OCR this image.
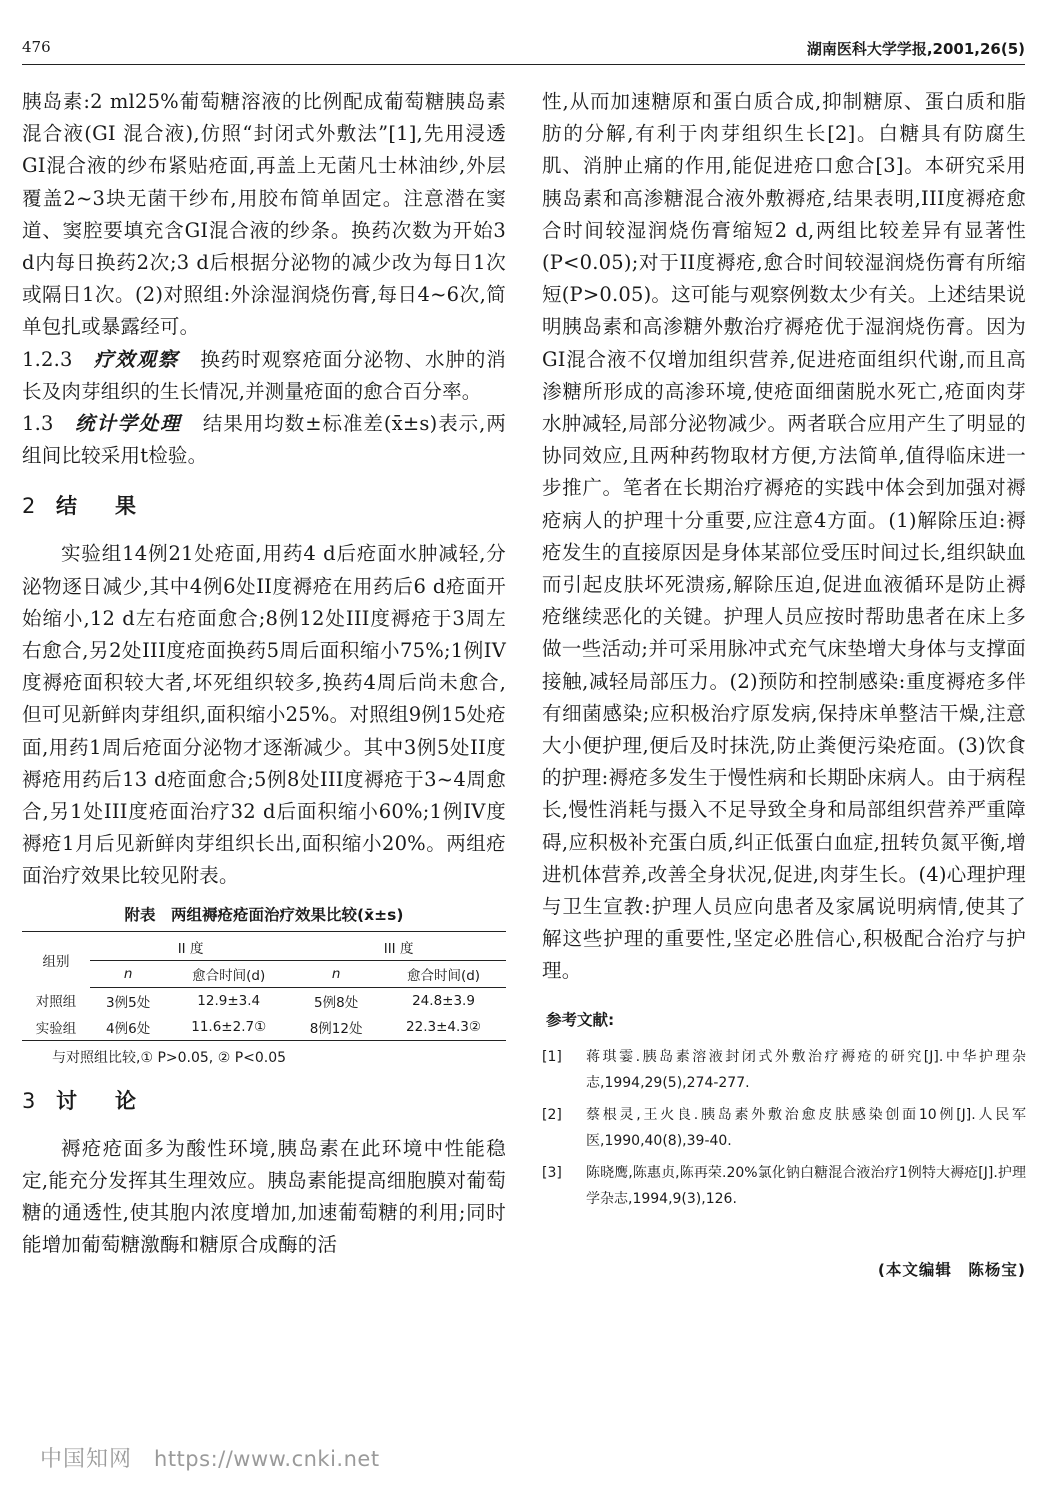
476	湖南医科大学学报,2001,26(5)

胰岛素:2 ml25%葡萄糖溶液的比例配成葡萄糖胰岛素混合液(GI 混合液),仿照“封闭式外敷法”[1],先用浸透GI混合液的纱布紧贴疮面,再盖上无菌凡士林油纱,外层覆盖2~3块无菌干纱布,用胶布简单固定。注意潜在窦道、窦腔要填充含GI混合液的纱条。换药次数为开始3 d内每日换药2次;3 d后根据分泌物的减少改为每日1次或隔日1次。(2)对照组:外涂湿润烧伤膏,每日4~6次,简单包扎或暴露经可。

1.2.3 疗效观察 换药时观察疮面分泌物、水肿的消长及肉芽组织的生长情况,并测量疮面的愈合百分率。

1.3 统计学处理 结果用均数±标准差(x̄±s)表示,两组间比较采用t检验。

2 结果

实验组14例21处疮面,用药4 d后疮面水肿减轻,分泌物逐日减少,其中4例6处II度褥疮在用药后6 d疮面开始缩小,12 d左右疮面愈合;8例12处III度褥疮于3周左右愈合,另2处III度疮面换药5周后面积缩小75%;1例IV度褥疮面积较大者,坏死组织较多,换药4周后尚未愈合,但可见新鲜肉芽组织,面积缩小25%。对照组9例15处疮面,用药1周后疮面分泌物才逐渐减少。其中3例5处II度褥疮用药后13 d疮面愈合;5例8处III度褥疮于3~4周愈合,另1处III度疮面治疗32 d后面积缩小60%;1例IV度褥疮1月后见新鲜肉芽组织长出,面积缩小20%。两组疮面治疗效果比较见附表。

附表　两组褥疮疮面治疗效果比较(x̄±s)
组别	II 度		III 度	
	n	愈合时间(d)	n	愈合时间(d)
对照组	3例5处	12.9±3.4	5例8处	24.8±3.9
实验组	4例6处	11.6±2.7①	8例12处	22.3±4.3②
与对照组比较,① P>0.05, ② P<0.05
3 讨论

褥疮疮面多为酸性环境,胰岛素在此环境中性能稳定,能充分发挥其生理效应。胰岛素能提高细胞膜对葡萄糖的通透性,使其胞内浓度增加,加速葡萄糖的利用;同时能增加葡萄糖激酶和糖原合成酶的活

性,从而加速糖原和蛋白质合成,抑制糖原、蛋白质和脂肪的分解,有利于肉芽组织生长[2]。白糖具有防腐生肌、消肿止痛的作用,能促进疮口愈合[3]。本研究采用胰岛素和高渗糖混合液外敷褥疮,结果表明,III度褥疮愈合时间较湿润烧伤膏缩短2 d,两组比较差异有显著性(P<0.05);对于II度褥疮,愈合时间较湿润烧伤膏有所缩短(P>0.05)。这可能与观察例数太少有关。上述结果说明胰岛素和高渗糖外敷治疗褥疮优于湿润烧伤膏。因为GI混合液不仅增加组织营养,促进疮面组织代谢,而且高渗糖所形成的高渗环境,使疮面细菌脱水死亡,疮面肉芽水肿减轻,局部分泌物减少。两者联合应用产生了明显的协同效应,且两种药物取材方便,方法简单,值得临床进一步推广。笔者在长期治疗褥疮的实践中体会到加强对褥疮病人的护理十分重要,应注意4方面。(1)解除压迫:褥疮发生的直接原因是身体某部位受压时间过长,组织缺血而引起皮肤坏死溃疡,解除压迫,促进血液循环是防止褥疮继续恶化的关键。护理人员应按时帮助患者在床上多做一些活动;并可采用脉冲式充气床垫增大身体与支撑面接触,减轻局部压力。(2)预防和控制感染:重度褥疮多伴有细菌感染;应积极治疗原发病,保持床单整洁干燥,注意大小便护理,便后及时抹洗,防止粪便污染疮面。(3)饮食的护理:褥疮多发生于慢性病和长期卧床病人。由于病程长,慢性消耗与摄入不足导致全身和局部组织营养严重障碍,应积极补充蛋白质,纠正低蛋白血症,扭转负氮平衡,增进机体营养,改善全身状况,促进,肉芽生长。(4)心理护理与卫生宣教:护理人员应向患者及家属说明病情,使其了解这些护理的重要性,坚定必胜信心,积极配合治疗与护理。

参考文献:
[1]	蒋琪霎.胰岛素溶液封闭式外敷治疗褥疮的研究[J].中华护理杂志,1994,29(5),274-277.
[2]	蔡根灵,王火良.胰岛素外敷治愈皮肤感染创面10例[J].人民军医,1990,40(8),39-40.
[3]	陈晓鹰,陈惠贞,陈再荣.20%氯化钠白糖混合液治疗1例特大褥疮[J].护理学杂志,1994,9(3),126.
(本文编辑　陈杨宝)
中国知网 https://www.cnki.net
